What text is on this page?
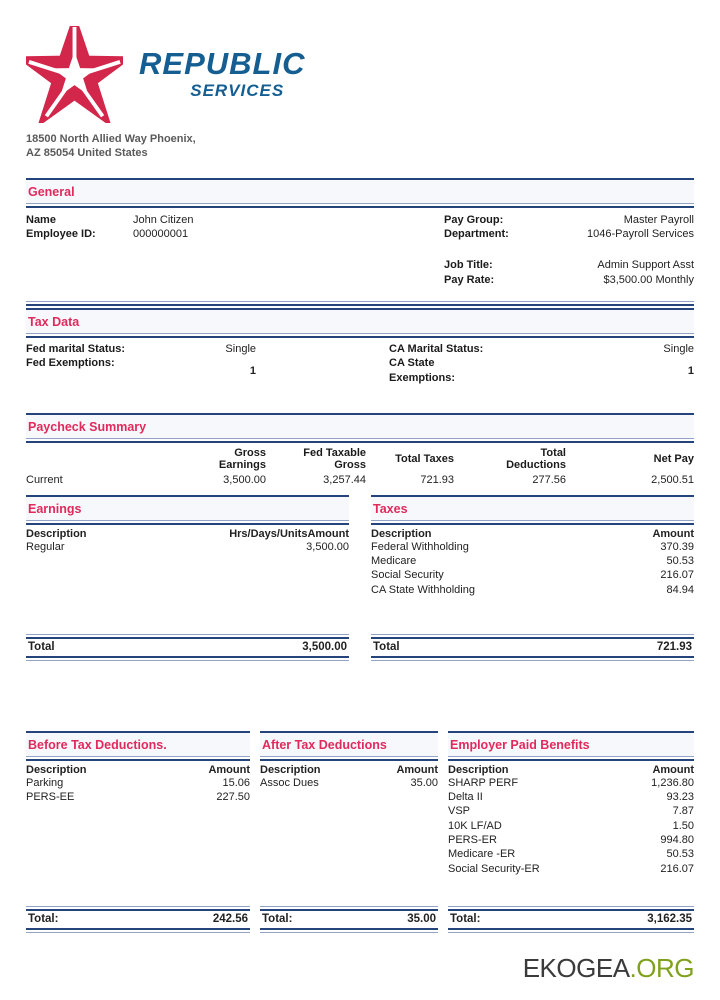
REPUBLIC
SERVICES
18500 North Allied Way Phoenix,
AZ 85054 United States
General
Name	John Citizen
Employee ID:	000000001
Pay Group:	Master Payroll
Department:	1046-Payroll Services
Job Title:	Admin Support Asst
Pay Rate:	$3,500.00 Monthly
Tax Data
Fed marital Status:	Single
Fed Exemptions:
1
CA Marital Status:	Single
CA State Exemptions:
1
Paycheck Summary
	Gross Earnings	Fed Taxable Gross	Total Taxes	Total Deductions	Net Pay
Current	3,500.00	3,257.44	721.93	277.56	2,500.51
Earnings
Description	Hrs/Days/Units Amount
Regular	3,500.00
Total	3,500.00
Taxes
Description	Amount
Federal Withholding	370.39
Medicare	50.53
Social Security	216.07
CA State Withholding	84.94
Total	721.93
Before Tax Deductions.
Description	Amount
Parking	15.06
PERS-EE	227.50
Total:	242.56
After Tax Deductions
Description	Amount
Assoc Dues	35.00
Total:	35.00
Employer Paid Benefits
Description	Amount
SHARP PERF	1,236.80
Delta II	93.23
VSP	7.87
10K LF/AD	1.50
PERS-ER	994.80
Medicare -ER	50.53
Social Security-ER	216.07
Total:	3,162.35
EKOGEA.ORG
